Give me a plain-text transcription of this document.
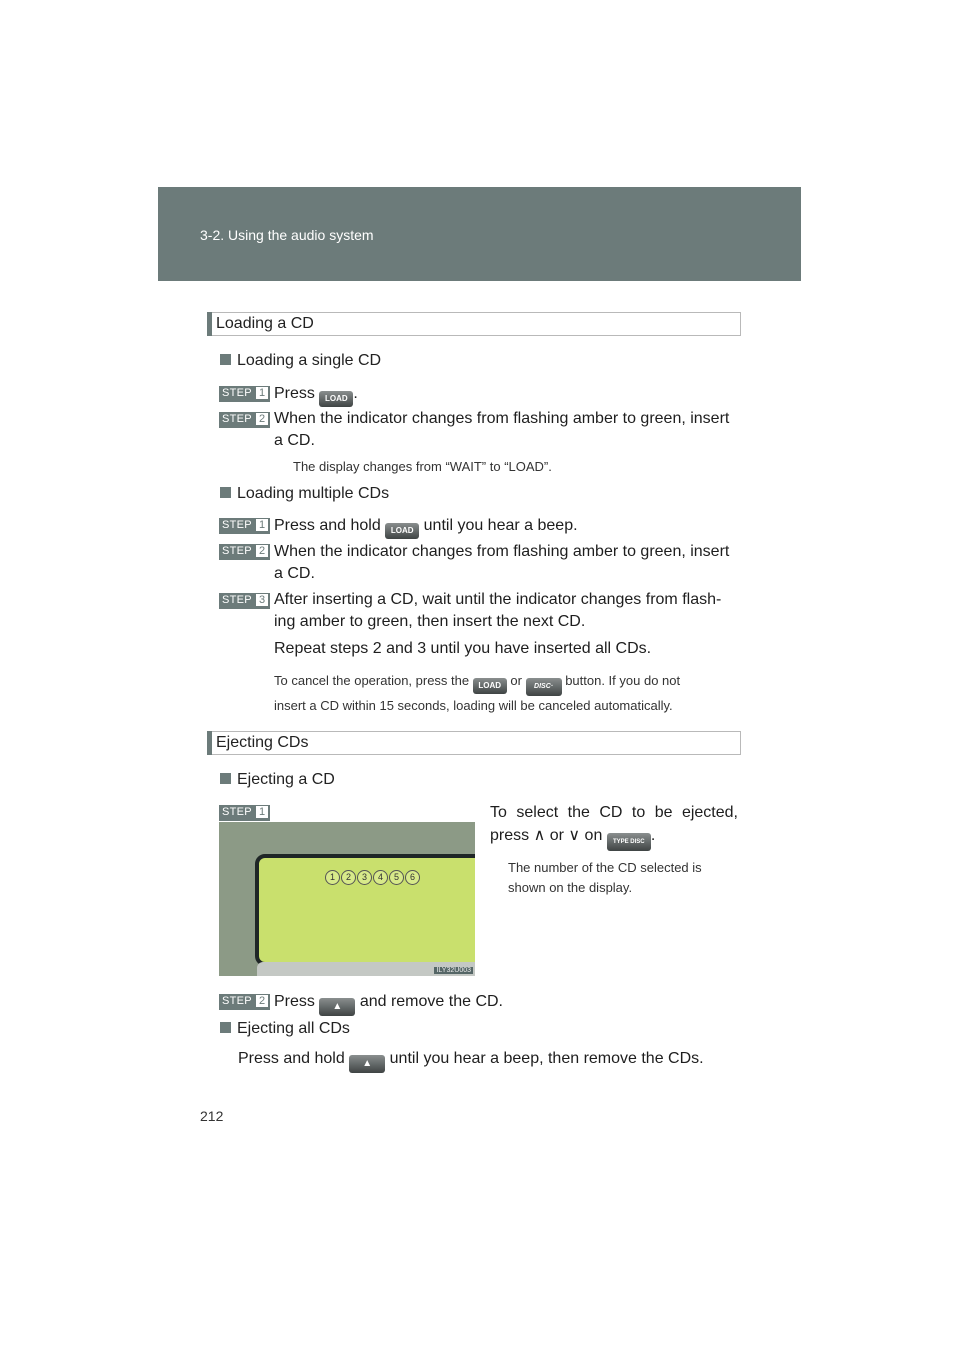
3-2. Using the audio system
Loading a CD
Loading a single CD
STEP 1 Press LOAD .
STEP 2 When the indicator changes from flashing amber to green, insert
a CD.
The display changes from “WAIT” to “LOAD”.
Loading multiple CDs
STEP 1 Press and hold LOAD until you hear a beep.
STEP 2 When the indicator changes from flashing amber to green, insert
a CD.
STEP 3 After inserting a CD, wait until the indicator changes from flash-
ing amber to green, then insert the next CD.
Repeat steps 2 and 3 until you have inserted all CDs.
To cancel the operation, press the LOAD or DISC· button. If you do not
insert a CD within 15 seconds, loading will be canceled automatically.
Ejecting CDs
Ejecting a CD
STEP 1
1	2	3	4	5	6
ILY32U003
To select the CD to be ejected,
press ∧ or ∨ on TYPE DISC .
The number of the CD selected is
shown on the display.
STEP 2 Press ▲ and remove the CD.
Ejecting all CDs
Press and hold ▲ until you hear a beep, then remove the CDs.
212
